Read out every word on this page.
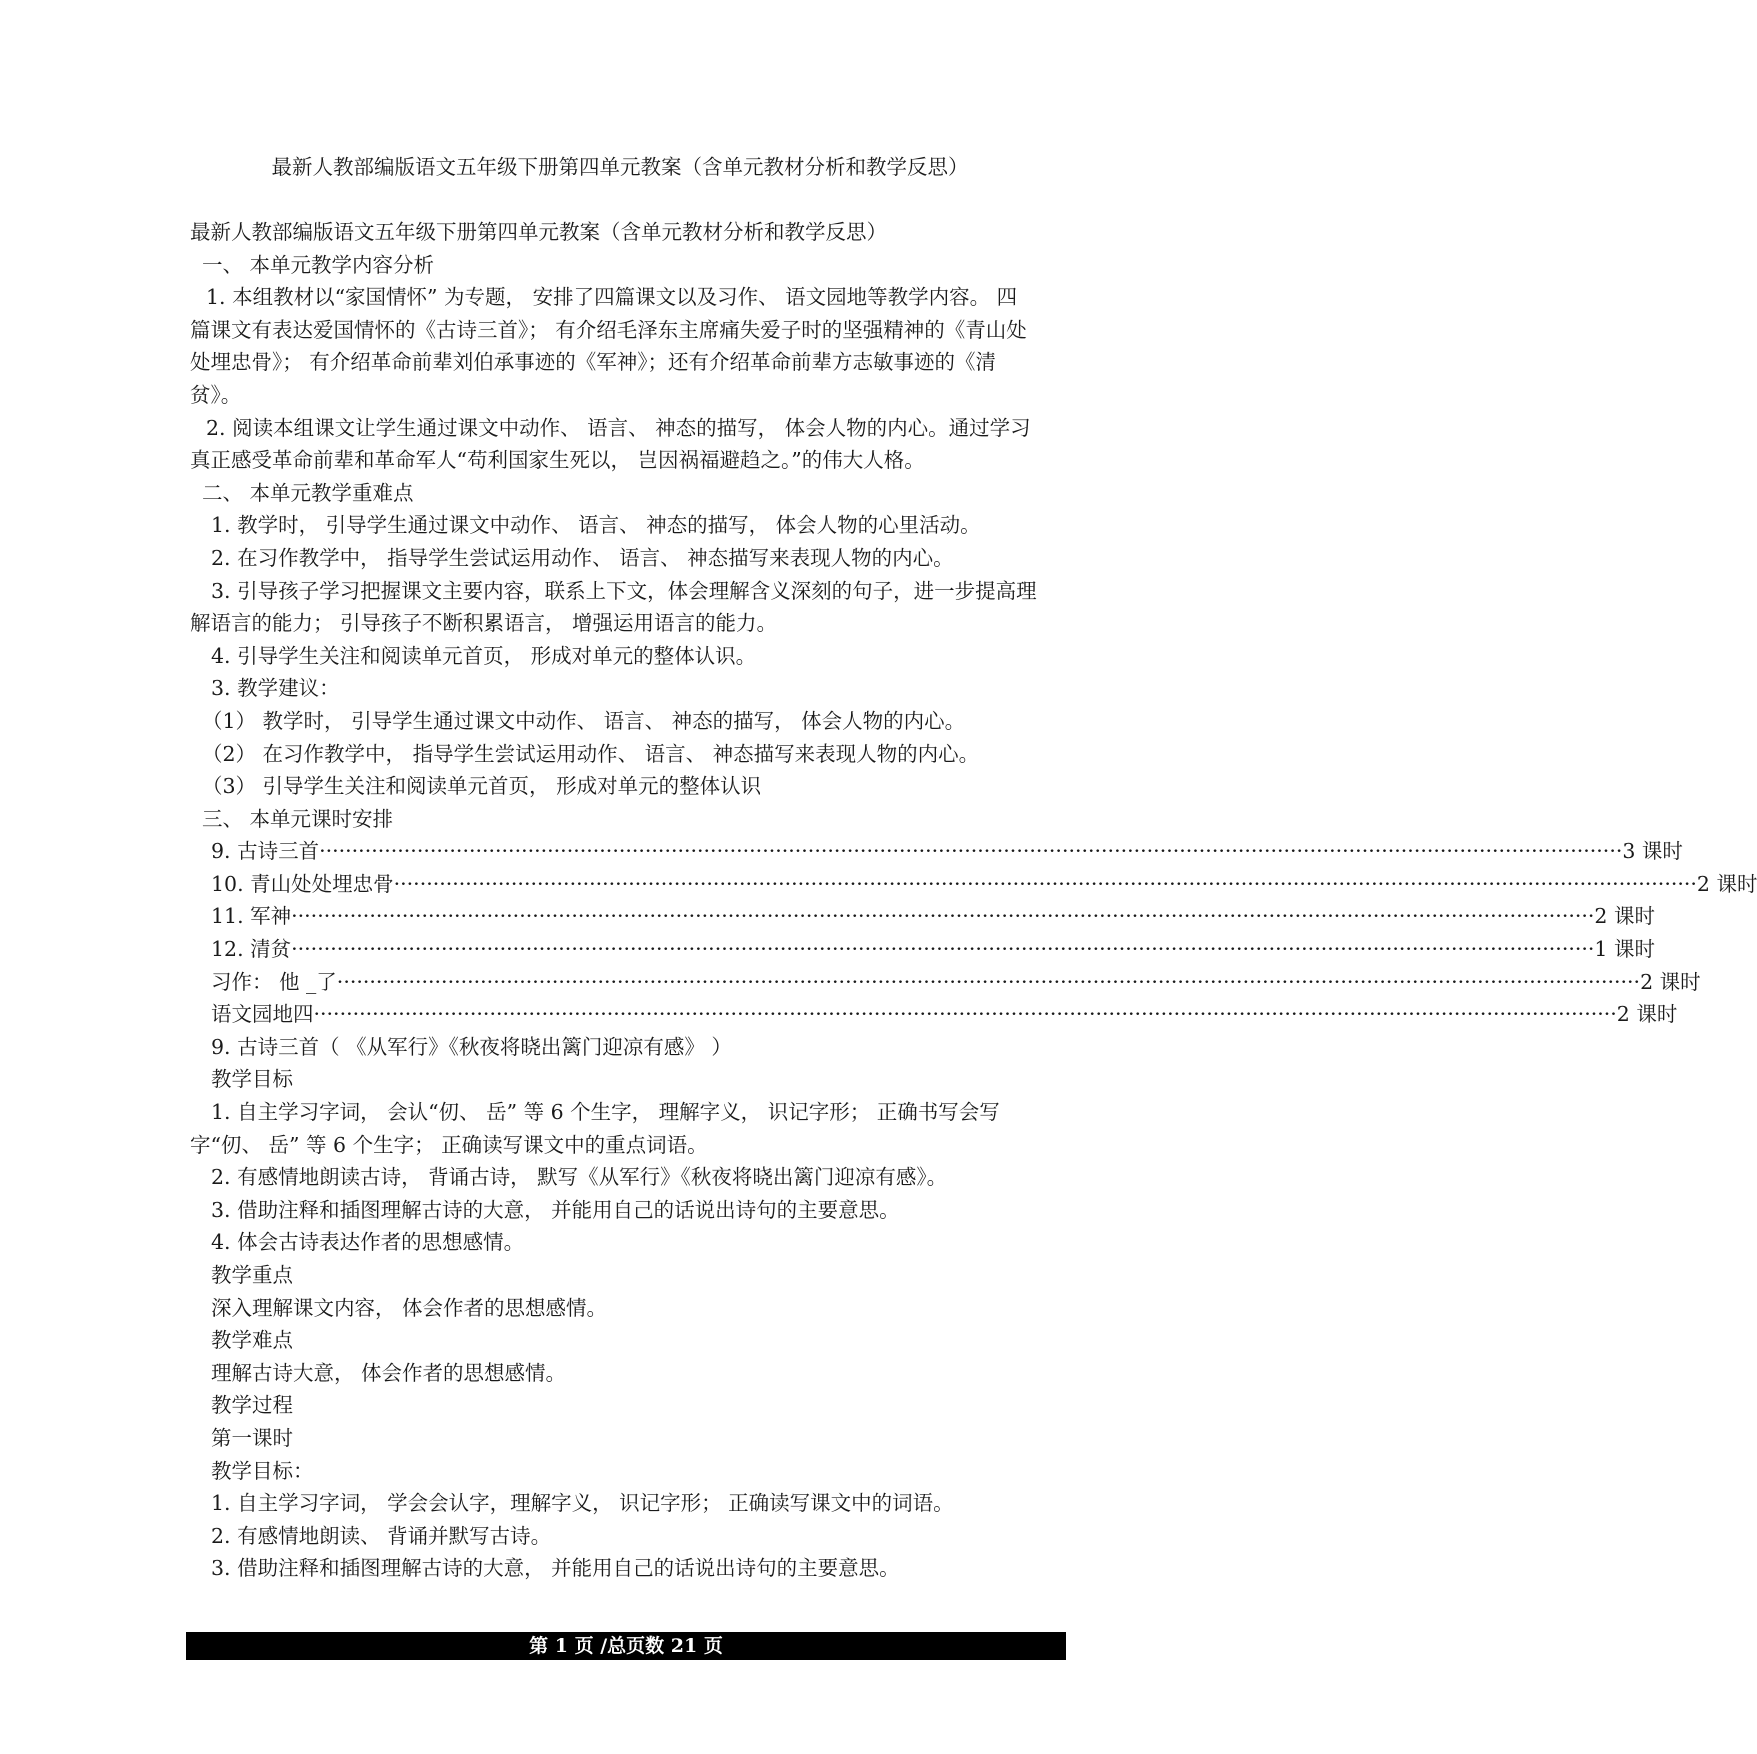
最新人教部编版语文五年级下册第四单元教案（含单元教材分析和教学反思）

最新人教部编版语文五年级下册第四单元教案（含单元教材分析和教学反思）

一、 本单元教学内容分析

1. 本组教材以“家国情怀” 为专题， 安排了四篇课文以及习作、 语文园地等教学内容。 四

篇课文有表达爱国情怀的《古诗三首》； 有介绍毛泽东主席痛失爱子时的坚强精神的《青山处

处埋忠骨》； 有介绍革命前辈刘伯承事迹的《军神》；还有介绍革命前辈方志敏事迹的《清

贫》。

2. 阅读本组课文让学生通过课文中动作、 语言、 神态的描写， 体会人物的内心。通过学习

真正感受革命前辈和革命军人“苟利国家生死以， 岂因祸福避趋之。”的伟大人格。

二、 本单元教学重难点

1. 教学时， 引导学生通过课文中动作、 语言、 神态的描写， 体会人物的心里活动。

2. 在习作教学中， 指导学生尝试运用动作、 语言、 神态描写来表现人物的内心。

3. 引导孩子学习把握课文主要内容，联系上下文，体会理解含义深刻的句子，进一步提高理

解语言的能力； 引导孩子不断积累语言， 增强运用语言的能力。

4. 引导学生关注和阅读单元首页， 形成对单元的整体认识。

3. 教学建议：

（1） 教学时， 引导学生通过课文中动作、 语言、 神态的描写， 体会人物的内心。

（2） 在习作教学中， 指导学生尝试运用动作、 语言、 神态描写来表现人物的内心。

（3） 引导学生关注和阅读单元首页， 形成对单元的整体认识

三、 本单元课时安排

9. 古诗三首 ········································································································································································································ 3 课时
10. 青山处处埋忠骨 ········································································································································································································ 2 课时
11. 军神 ········································································································································································································ 2 课时
12. 清贫 ········································································································································································································ 1 课时
习作： 他 _了 ········································································································································································································ 2 课时
语文园地四 ········································································································································································································ 2 课时

9. 古诗三首（ 《从军行》《秋夜将晓出篱门迎凉有感》 ）

教学目标

1. 自主学习字词， 会认“仞、 岳” 等 6 个生字， 理解字义， 识记字形； 正确书写会写

字“仞、 岳” 等 6 个生字； 正确读写课文中的重点词语。

2. 有感情地朗读古诗， 背诵古诗， 默写《从军行》《秋夜将晓出篱门迎凉有感》。

3. 借助注释和插图理解古诗的大意， 并能用自己的话说出诗句的主要意思。

4. 体会古诗表达作者的思想感情。

教学重点

深入理解课文内容， 体会作者的思想感情。

教学难点

理解古诗大意， 体会作者的思想感情。

教学过程

第一课时

教学目标：

1. 自主学习字词， 学会会认字，理解字义， 识记字形； 正确读写课文中的词语。

2. 有感情地朗读、 背诵并默写古诗。

3. 借助注释和插图理解古诗的大意， 并能用自己的话说出诗句的主要意思。

第 1 页 /总页数 21 页
